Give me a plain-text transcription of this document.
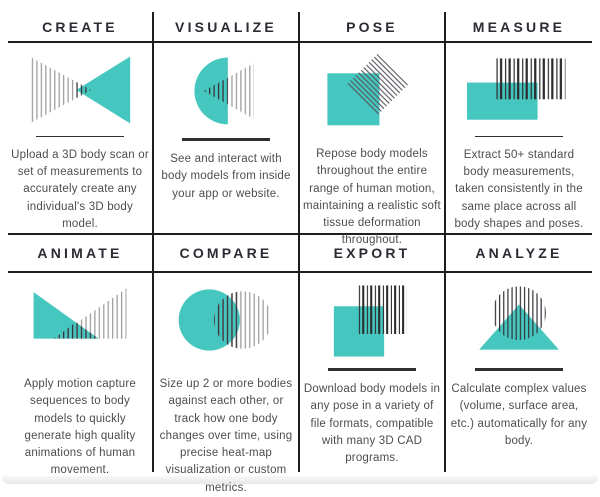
CREATE	VISUALIZE	POSE	MEASURE

Upload a 3D body scan or set of measurements to accurately create any individual's 3D body model.

See and interact with body models from inside your app or website.

Repose body models throughout the entire range of human motion, maintaining a realistic soft tissue deformation throughout.

Extract 50+ standard body measurements, taken consistently in the same place across all body shapes and poses.

ANIMATE	COMPARE	EXPORT	ANALYZE

Apply motion capture sequences to body models to quickly generate high quality animations of human movement.

Size up 2 or more bodies against each other, or track how one body changes over time, using precise heat-map visualization or custom metrics.

Download body models in any pose in a variety of file formats, compatible with many 3D CAD programs.

Calculate complex values (volume, surface area, etc.) automatically for any body.
